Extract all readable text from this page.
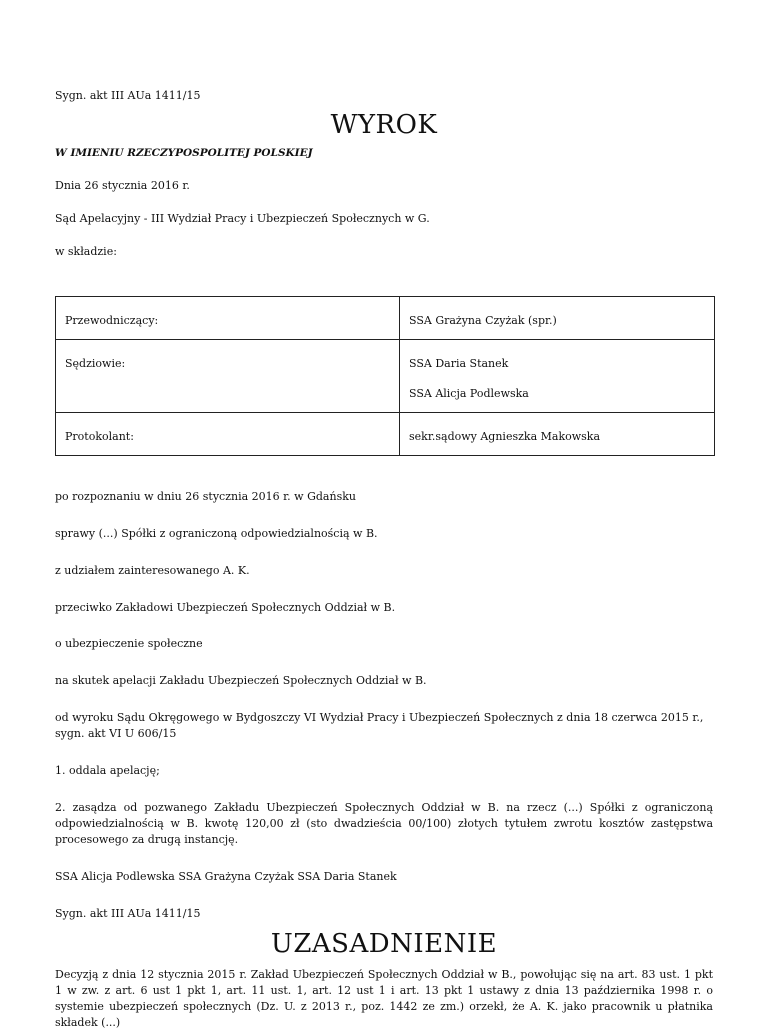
Sygn. akt III AUa 1411/15

WYROK

W IMIENIU RZECZYPOSPOLITEJ POLSKIEJ

Dnia 26 stycznia 2016 r.

Sąd Apelacyjny - III Wydział Pracy i Ubezpieczeń Społecznych w G.

w składzie:

Przewodniczący:	SSA Grażyna Czyżak (spr.)
Sędziowie:	SSA Daria Stanek
SSA Alicja Podlewska

Protokolant:	sekr.sądowy Agnieszka Makowska

po rozpoznaniu w dniu 26 stycznia 2016 r. w Gdańsku

sprawy (...) Spółki z ograniczoną odpowiedzialnością w B.

z udziałem zainteresowanego A. K.

przeciwko Zakładowi Ubezpieczeń Społecznych Oddział w B.

o ubezpieczenie społeczne

na skutek apelacji Zakładu Ubezpieczeń Społecznych Oddział w B.

od wyroku Sądu Okręgowego w Bydgoszczy VI Wydział Pracy i Ubezpieczeń Społecznych z dnia 18 czerwca 2015 r., sygn. akt VI U 606/15

1. oddala apelację;

2. zasądza od pozwanego Zakładu Ubezpieczeń Społecznych Oddział w B. na rzecz (...) Spółki z ograniczoną odpowiedzialnością w B. kwotę 120,00 zł (sto dwadzieścia 00/100) złotych tytułem zwrotu kosztów zastępstwa procesowego za drugą instancję.

SSA Alicja Podlewska SSA Grażyna Czyżak SSA Daria Stanek

Sygn. akt III AUa 1411/15

UZASADNIENIE

Decyzją z dnia 12 stycznia 2015 r. Zakład Ubezpieczeń Społecznych Oddział w B., powołując się na art. 83 ust. 1 pkt 1 w zw. z art. 6 ust 1 pkt 1, art. 11 ust. 1, art. 12 ust 1 i art. 13 pkt 1 ustawy z dnia 13 października 1998 r. o systemie ubezpieczeń społecznych (Dz. U. z 2013 r., poz. 1442 ze zm.) orzekł, że A. K. jako pracownik u płatnika składek (...)
